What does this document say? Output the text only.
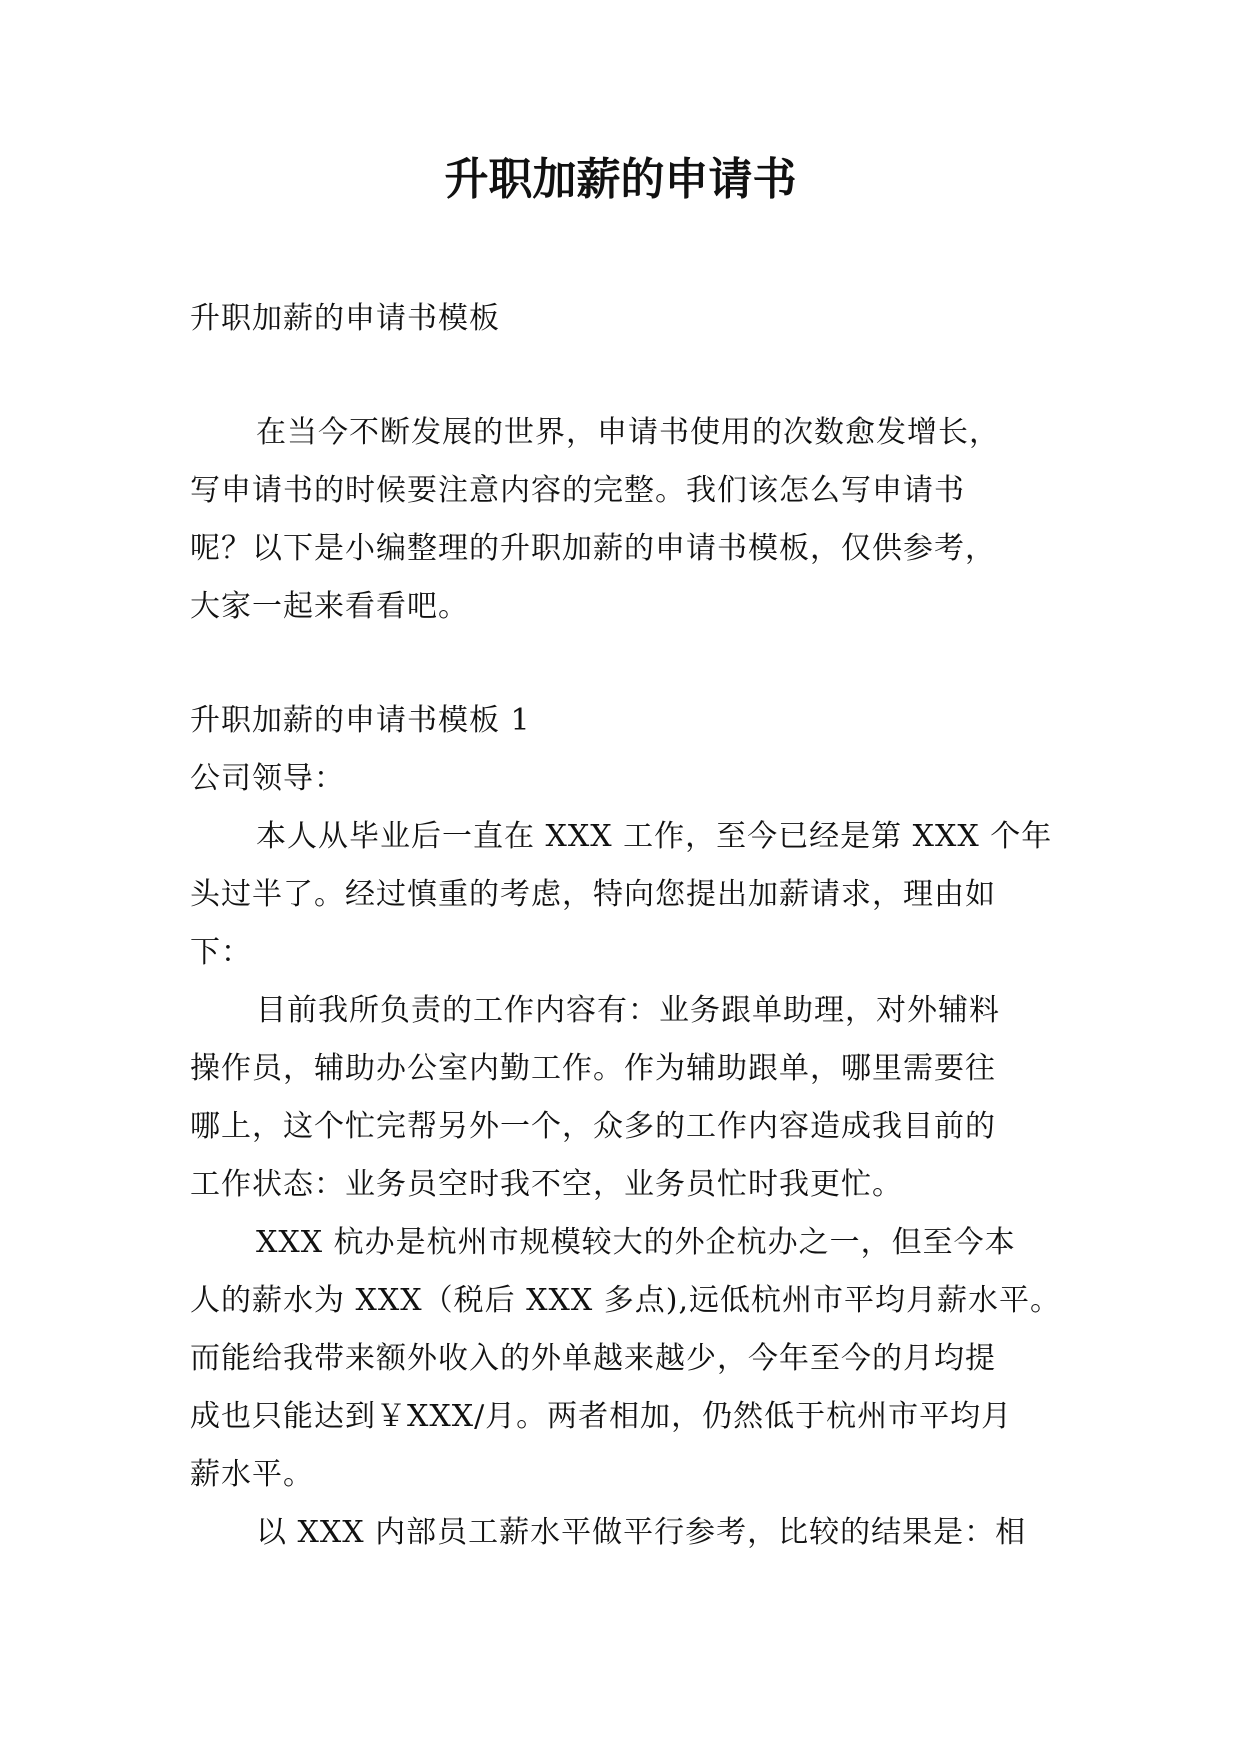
升职加薪的申请书

升职加薪的申请书模板

在当今不断发展的世界，申请书使用的次数愈发增长，

写申请书的时候要注意内容的完整。我们该怎么写申请书

呢？以下是小编整理的升职加薪的申请书模板，仅供参考，

大家一起来看看吧。

升职加薪的申请书模板 1

公司领导：

本人从毕业后一直在 XXX 工作，至今已经是第 XXX 个年

头过半了。经过慎重的考虑，特向您提出加薪请求，理由如

下：

目前我所负责的工作内容有：业务跟单助理，对外辅料

操作员，辅助办公室内勤工作。作为辅助跟单，哪里需要往

哪上，这个忙完帮另外一个，众多的工作内容造成我目前的

工作状态：业务员空时我不空，业务员忙时我更忙。

XXX 杭办是杭州市规模较大的外企杭办之一，但至今本

人的薪水为 XXX（税后 XXX 多点),远低杭州市平均月薪水平。

而能给我带来额外收入的外单越来越少，今年至今的月均提

成也只能达到￥XXX/月。两者相加，仍然低于杭州市平均月

薪水平。

以 XXX 内部员工薪水平做平行参考，比较的结果是：相
